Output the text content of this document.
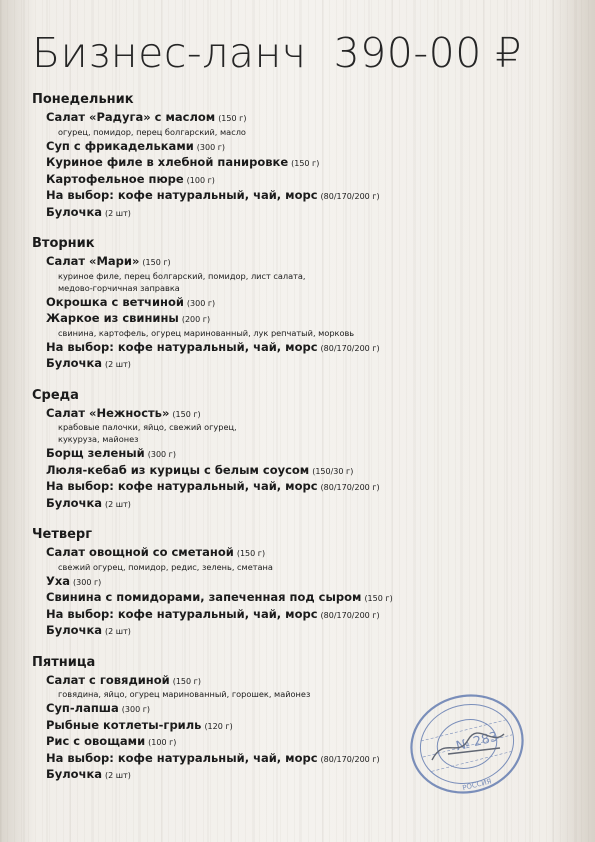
Бизнес-ланч  390-00 ₽
Понедельник
Салат «Радуга» с маслом (150 г)
огурец, помидор, перец болгарский, масло
Суп с фрикадельками (300 г)
Куриное филе в хлебной панировке (150 г)
Картофельное пюре (100 г)
На выбор: кофе натуральный, чай, морс (80/170/200 г)
Булочка (2 шт)
Вторник
Салат «Мари» (150 г)
куриное филе, перец болгарский, помидор, лист салата,
медово-горчичная заправка
Окрошка с ветчиной (300 г)
Жаркое из свинины (200 г)
свинина, картофель, огурец маринованный, лук репчатый, морковь
На выбор: кофе натуральный, чай, морс (80/170/200 г)
Булочка (2 шт)
Среда
Салат «Нежность» (150 г)
крабовые палочки, яйцо, свежий огурец,
кукуруза, майонез
Борщ зеленый (300 г)
Люля-кебаб из курицы с белым соусом (150/30 г)
На выбор: кофе натуральный, чай, морс (80/170/200 г)
Булочка (2 шт)
Четверг
Салат овощной со сметаной (150 г)
свежий огурец, помидор, редис, зелень, сметана
Уха (300 г)
Свинина с помидорами, запеченная под сыром (150 г)
На выбор: кофе натуральный, чай, морс (80/170/200 г)
Булочка (2 шт)
Пятница
Салат с говядиной (150 г)
говядина, яйцо, огурец маринованный, горошек, майонез
Суп-лапша (300 г)
Рыбные котлеты-гриль (120 г)
Рис с овощами (100 г)
На выбор: кофе натуральный, чай, морс (80/170/200 г)
Булочка (2 шт)
№ 283
РОССИЯ
